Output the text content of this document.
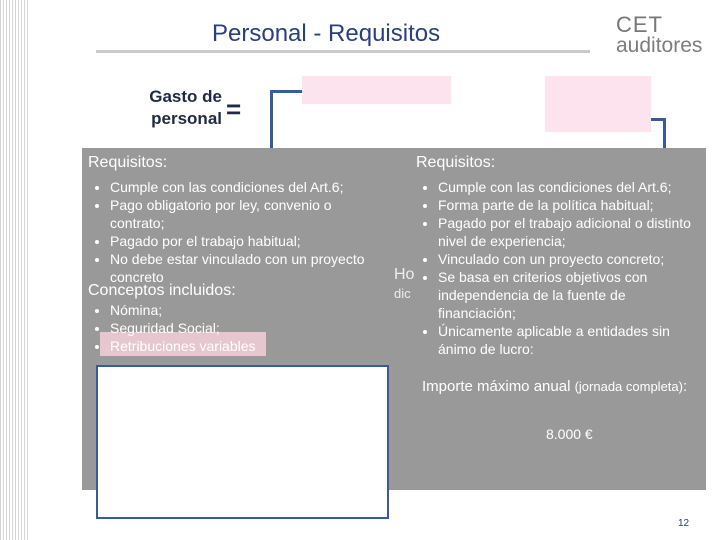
Personal - Requisitos	CET
auditores
Gasto de personal =
Requisitos:
• Cumple con las condiciones del Art.6;
• Pago obligatorio por ley, convenio o contrato;
• Pagado por el trabajo habitual;
• No debe estar vinculado con un proyecto concreto
Conceptos incluidos:
• Nómina;
• Seguridad Social;
• Retribuciones variables
Ho
dic
Requisitos:
• Cumple con las condiciones del Art.6;
• Forma parte de la política habitual;
• Pagado por el trabajo adicional o distinto nivel de experiencia;
• Vinculado con un proyecto concreto;
• Se basa en criterios objetivos con independencia de la fuente de financiación;
• Únicamente aplicable a entidades sin ánimo de lucro:
Requisitos adicionales retribuciones variables:
• Basado en condiciones objetivas;
• Los importes y las condiciones están establecidas legalmente en el contrato
(o documento de contratación equivalente)
Importe máximo anual (jornada completa):
8.000 €
12
